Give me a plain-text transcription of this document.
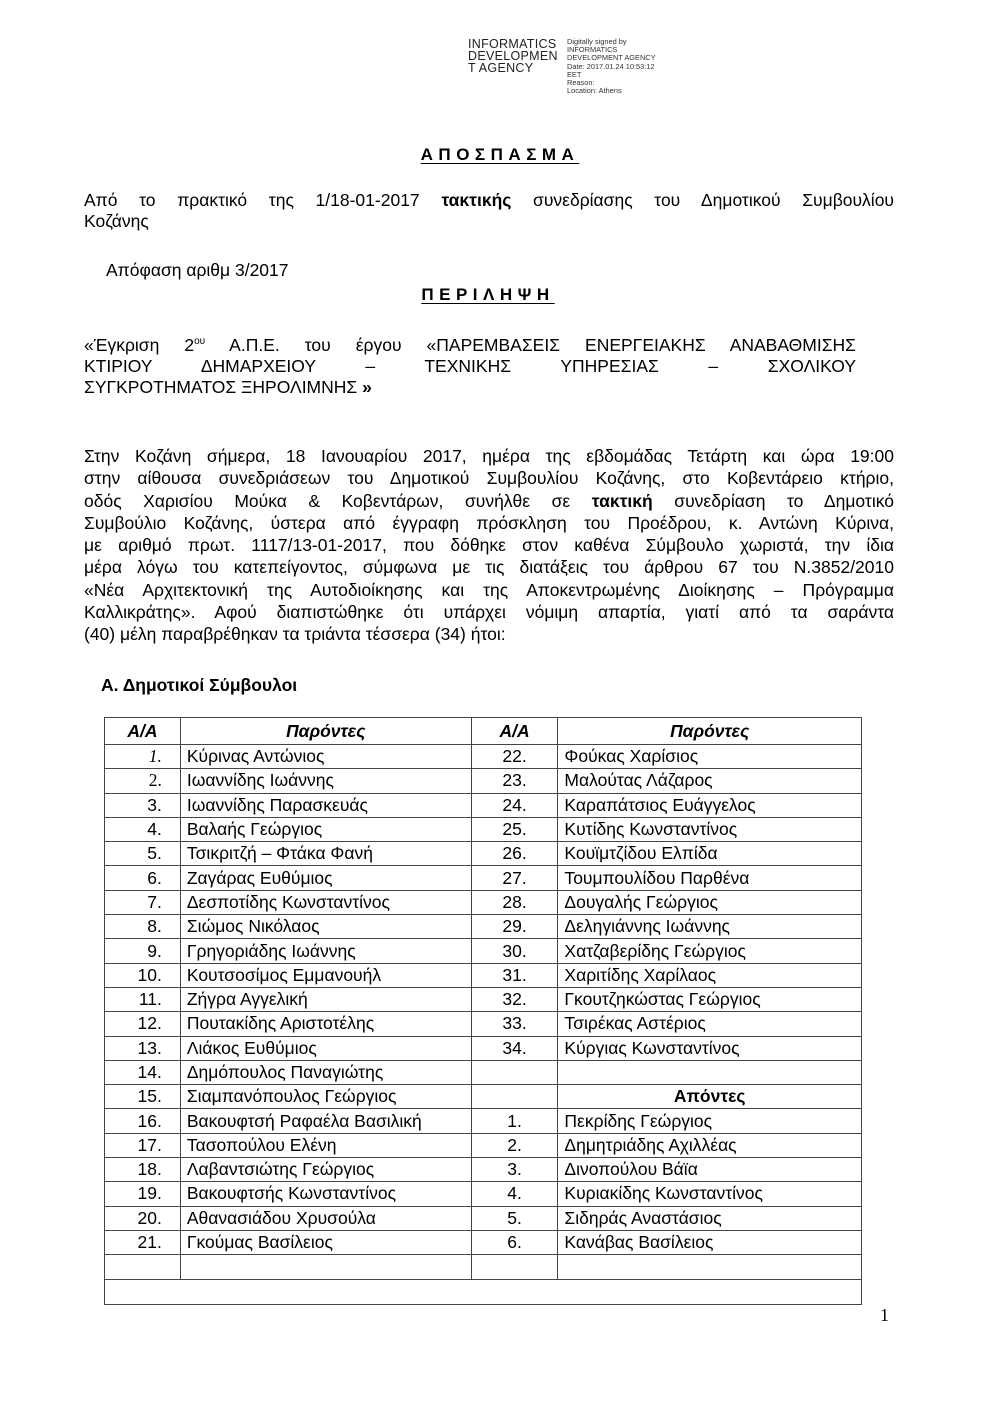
INFORMATICS
DEVELOPMEN
T AGENCY
Digitally signed by
INFORMATICS
DEVELOPMENT AGENCY
Date: 2017.01.24 10:53:12
EET
Reason:
Location: Athens
ΑΠΟΣΠΑΣΜΑ
Από το πρακτικό της 1/18-01-2017 τακτικής συνεδρίασης του Δημοτικού Συμβουλίου
Κοζάνης
Απόφαση αριθμ 3/2017
ΠΕΡΙΛΗΨΗ
«Έγκριση $2^{o\upsilon}$ Α.Π.Ε. του έργου «ΠΑΡΕΜΒΑΣΕΙΣ ΕΝΕΡΓΕΙΑΚΗΣ ΑΝΑΒΑΘΜΙΣΗΣ
ΚΤΙΡΙΟΥ ΔΗΜΑΡΧΕΙΟΥ – ΤΕΧΝΙΚΗΣ ΥΠΗΡΕΣΙΑΣ – ΣΧΟΛΙΚΟΥ
ΣΥΓΚΡΟΤΗΜΑΤΟΣ ΞΗΡΟΛΙΜΝΗΣ »
Στην Κοζάνη σήμερα, 18 Ιανουαρίου 2017, ημέρα της εβδομάδας Τετάρτη και ώρα 19:00
στην αίθουσα συνεδριάσεων του Δημοτικού Συμβουλίου Κοζάνης, στο Κοβεντάρειο κτήριο,
οδός Χαρισίου Μούκα & Κοβεντάρων, συνήλθε σε τακτική συνεδρίαση το Δημοτικό
Συμβούλιο Κοζάνης, ύστερα από έγγραφη πρόσκληση του Προέδρου, κ. Αντώνη Κύρινα,
με αριθμό πρωτ. 1117/13-01-2017, που δόθηκε στον καθένα Σύμβουλο χωριστά, την ίδια
μέρα λόγω του κατεπείγοντος, σύμφωνα με τις διατάξεις του άρθρου 67 του Ν.3852/2010
«Νέα Αρχιτεκτονική της Αυτοδιοίκησης και της Αποκεντρωμένης Διοίκησης – Πρόγραμμα
Καλλικράτης». Αφού διαπιστώθηκε ότι υπάρχει νόμιμη απαρτία, γιατί από τα σαράντα
(40) μέλη παραβρέθηκαν τα τριάντα τέσσερα (34) ήτοι:
Α. Δημοτικοί Σύμβουλοι
Α/Α	Παρόντες	Α/Α	Παρόντες
1.	Κύρινας Αντώνιος	22.	Φούκας Χαρίσιος
2.	Ιωαννίδης Ιωάννης	23.	Μαλούτας Λάζαρος
3.	Ιωαννίδης Παρασκευάς	24.	Καραπάτσιος Ευάγγελος
4.	Βαλαής Γεώργιος	25.	Κυτίδης Κωνσταντίνος
5.	Τσικριτζή – Φτάκα Φανή	26.	Κουϊμτζίδου Ελπίδα
6.	Ζαγάρας Ευθύμιος	27.	Τουμπουλίδου Παρθένα
7.	Δεσποτίδης Κωνσταντίνος	28.	Δουγαλής Γεώργιος
8.	Σιώμος Νικόλαος	29.	Δεληγιάννης Ιωάννης
9.	Γρηγοριάδης Ιωάννης	30.	Χατζαβερίδης Γεώργιος
10.	Κουτσοσίμος Εμμανουήλ	31.	Χαριτίδης Χαρίλαος
11.	Ζήγρα Αγγελική	32.	Γκουτζηκώστας Γεώργιος
12.	Πουτακίδης Αριστοτέλης	33.	Τσιρέκας Αστέριος
13.	Λιάκος Ευθύμιος	34.	Κύργιας Κωνσταντίνος
14.	Δημόπουλος Παναγιώτης		
15.	Σιαμπανόπουλος Γεώργιος		Απόντες
16.	Βακουφτσή Ραφαέλα Βασιλική	1.	Πεκρίδης Γεώργιος
17.	Τασοπούλου Ελένη	2.	Δημητριάδης Αχιλλέας
18.	Λαβαντσιώτης Γεώργιος	3.	Δινοπούλου Βάϊα
19.	Βακουφτσής Κωνσταντίνος	4.	Κυριακίδης Κωνσταντίνος
20.	Αθανασιάδου Χρυσούλα	5.	Σιδηράς Αναστάσιος
21.	Γκούμας Βασίλειος	6.	Κανάβας Βασίλειος

1
